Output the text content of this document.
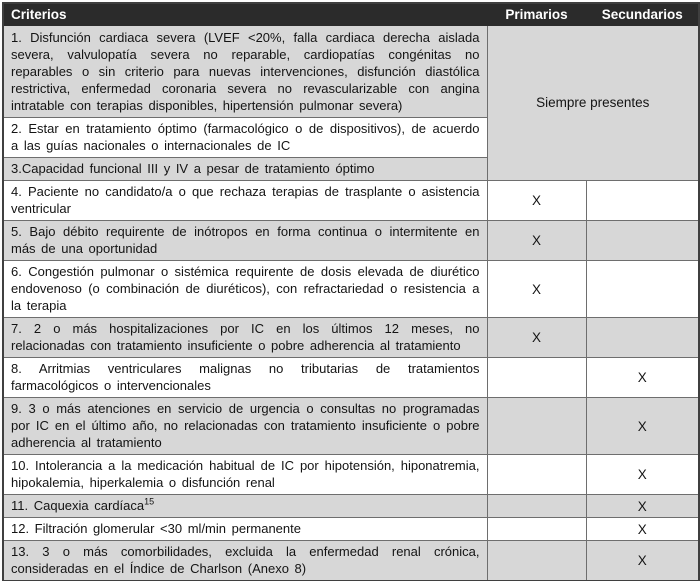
Criterios	Primarios	Secundarios
1. Disfunción cardiaca severa (LVEF <20%, falla cardiaca derecha aislada severa, valvulopatía severa no reparable, cardiopatías congénitas no reparables o sin criterio para nuevas intervenciones, disfunción diastólica restrictiva, enfermedad coronaria severa no revascularizable con angina intratable con terapias disponibles, hipertensión pulmonar severa)	Siempre presentes	
2. Estar en tratamiento óptimo (farmacológico o de dispositivos), de acuerdo a las guías nacionales o internacionales de IC		
3.Capacidad funcional III y IV a pesar de tratamiento óptimo		
4. Paciente no candidato/a o que rechaza terapias de trasplante o asistencia ventricular	X	
5. Bajo débito requirente de inótropos en forma continua o intermitente en más de una oportunidad	X	
6. Congestión pulmonar o sistémica requirente de dosis elevada de diurético endovenoso (o combinación de diuréticos), con refractariedad o resistencia a la terapia	X	
7. 2 o más hospitalizaciones por IC en los últimos 12 meses, no relacionadas con tratamiento insuficiente o pobre adherencia al tratamiento	X	
8. Arritmias ventriculares malignas no tributarias de tratamientos farmacológicos o intervencionales		X
9. 3 o más atenciones en servicio de urgencia o consultas no programadas por IC en el último año, no relacionadas con tratamiento insuficiente o pobre adherencia al tratamiento		X
10. Intolerancia a la medicación habitual de IC por hipotensión, hiponatremia, hipokalemia, hiperkalemia o disfunción renal		X
11. Caquexia cardíaca$^{15}$		X
12. Filtración glomerular <30 ml/min permanente		X
13. 3 o más comorbilidades, excluida la enfermedad renal crónica, consideradas en el Índice de Charlson (Anexo 8)		X
